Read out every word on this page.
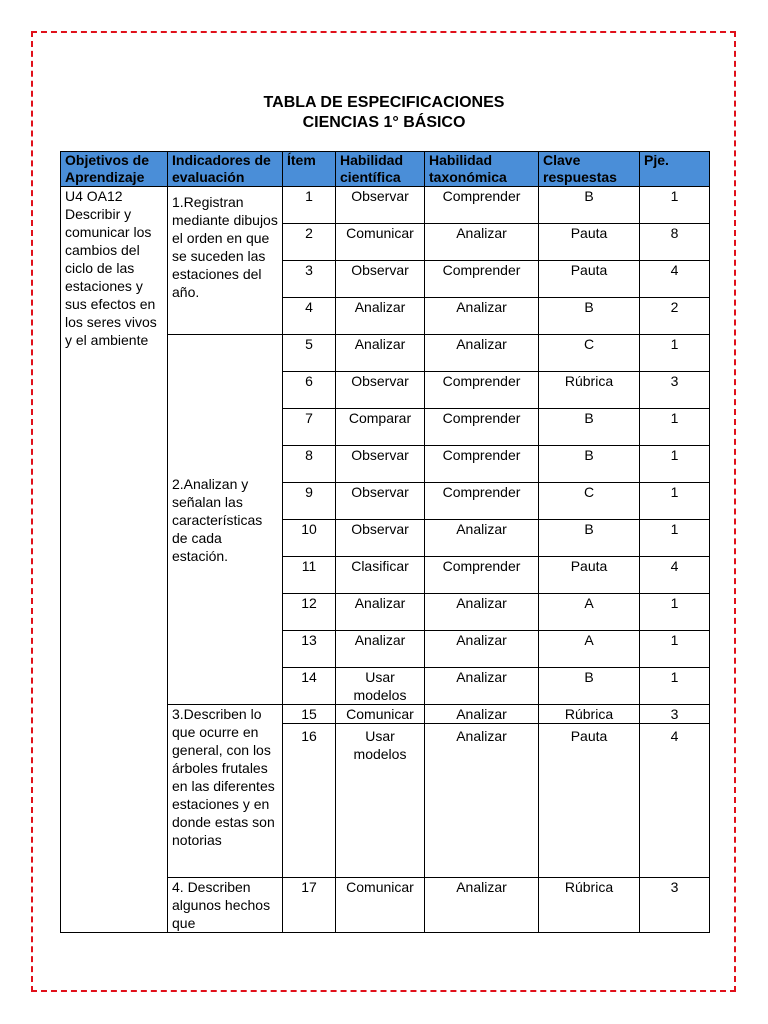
TABLA DE ESPECIFICACIONES
CIENCIAS 1° BÁSICO
Objetivos de Aprendizaje	Indicadores de evaluación	Ítem	Habilidad científica	Habilidad taxonómica	Clave respuestas	Pje.
U4 OA12 Describir y comunicar los cambios del ciclo de las estaciones y sus efectos en los seres vivos y el ambiente	1.Registran mediante dibujos el orden en que se suceden las estaciones del año.	1	Observar	Comprender	B	1
		2	Comunicar	Analizar	Pauta	8
		3	Observar	Comprender	Pauta	4
		4	Analizar	Analizar	B	2
	2.Analizan y señalan las características de cada estación.	5	Analizar	Analizar	C	1
		6	Observar	Comprender	Rúbrica	3
		7	Comparar	Comprender	B	1
		8	Observar	Comprender	B	1
		9	Observar	Comprender	C	1
		10	Observar	Analizar	B	1
		11	Clasificar	Comprender	Pauta	4
		12	Analizar	Analizar	A	1
		13	Analizar	Analizar	A	1
		14	Usar modelos	Analizar	B	1
	3.Describen lo que ocurre en general, con los árboles frutales en las diferentes estaciones y en donde estas son notorias	15	Comunicar	Analizar	Rúbrica	3
		16	Usar modelos	Analizar	Pauta	4
	4. Describen algunos hechos que	17	Comunicar	Analizar	Rúbrica	3
